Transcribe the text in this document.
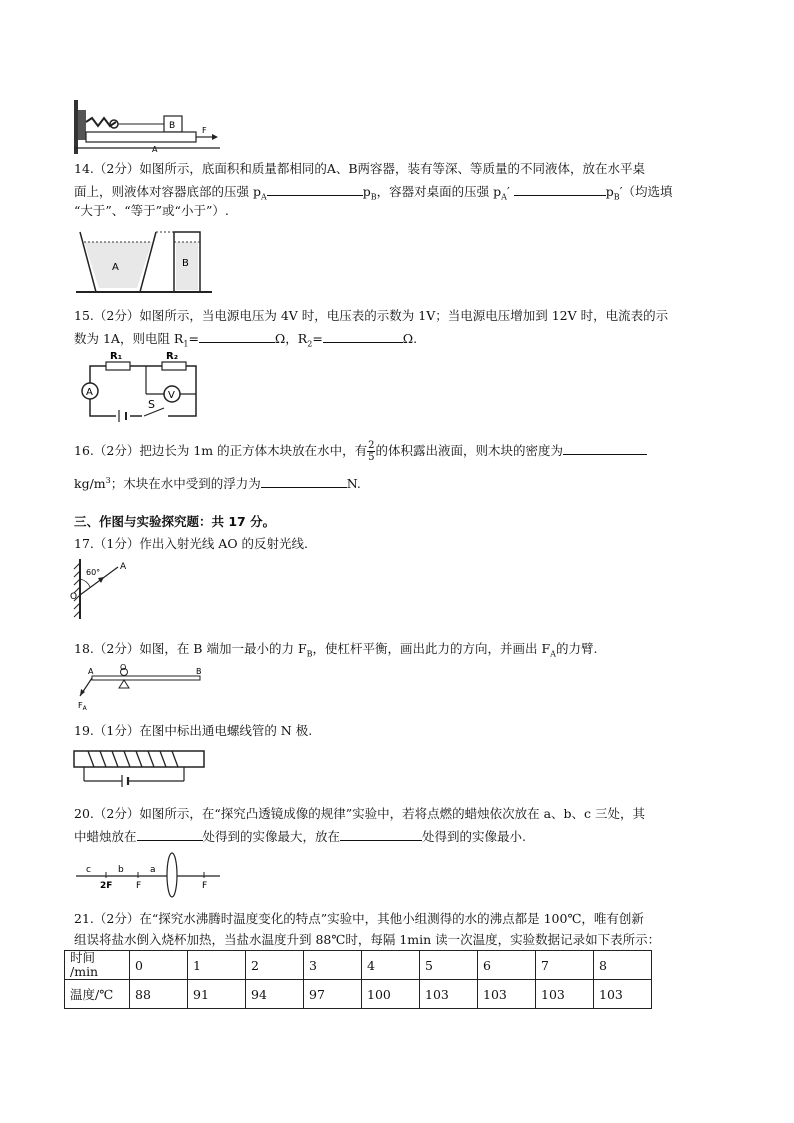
B
A
F
14.（2分）如图所示，底面积和质量都相同的A、B两容器，装有等深、等质量的不同液体，放在水平桌
面上，则液体对容器底部的压强 $p_A$	$p_B$，容器对桌面的压强 $p_A'$	$p_B'$（均选填
“大于”、“等于”或“小于”）.
A	B
15.（2分）如图所示，当电源电压为 4V 时，电压表的示数为 1V；当电源电压增加到 12V 时，电流表的示
数为 1A，则电阻 $R_1=$	Ω，$R_2=$	Ω.
R₁	R₂
A	V
S
16.（2分）把边长为 1m 的正方体木块放在水中，有 $\frac{2}{5}$ 的体积露出液面，则木块的密度为
$kg/m^3$；木块在水中受到的浮力为	N.
三、作图与实验探究题：共 17 分。
17.（1分）作出入射光线 AO 的反射光线.
60°
A
O
18.（2分）如图，在 B 端加一最小的力 $F_B$，使杠杆平衡，画出此力的方向，并画出 $F_A$的力臂.
A	O	B
$F_A$
19.（1分）在图中标出通电螺线管的 N 极.
20.（2分）如图所示，在“探究凸透镜成像的规律”实验中，若将点燃的蜡烛依次放在 a、b、c 三处，其
中蜡烛放在	处得到的实像最大，放在	处得到的实像最小.
c	b	a
2F	F	F
21.（2分）在“探究水沸腾时温度变化的特点”实验中，其他小组测得的水的沸点都是 100℃，唯有创新
组误将盐水倒入烧杯加热，当盐水温度升到 88℃时，每隔 1min 读一次温度，实验数据记录如下表所示：
时间
/min	0	1	2	3	4	5	6	7	8
温度/℃	88	91	94	97	100	103	103	103	103
